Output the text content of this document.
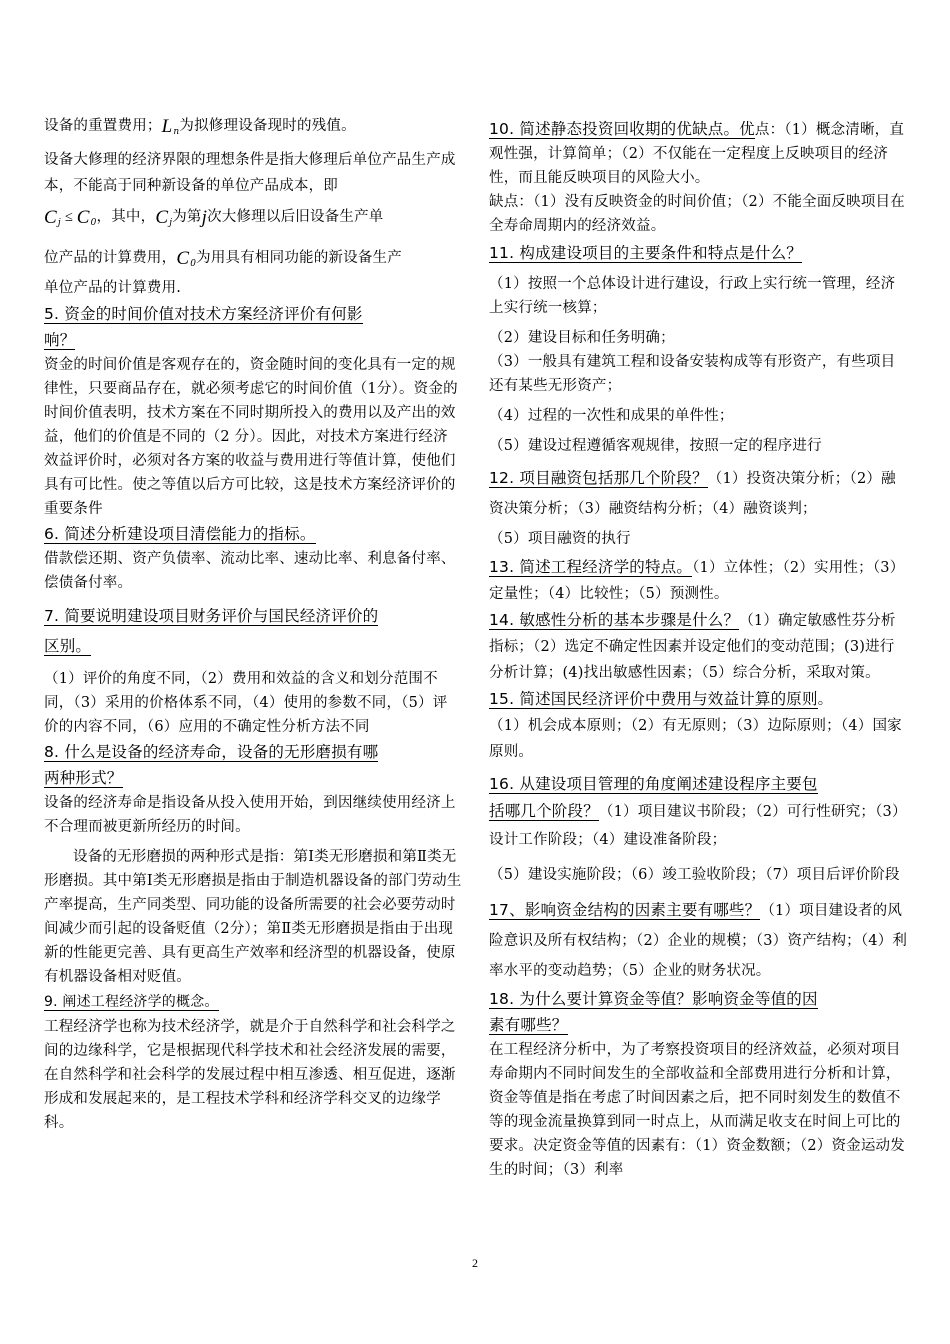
设备的重置费用；$L_n$为拟修理设备现时的残值。

设备大修理的经济界限的理想条件是指大修理后单位产品生产成本，不能高于同种新设备的单位产品成本，即

$C_j \le C_0$，其中，$C_j$为第j次大修理以后旧设备生产单

位产品的计算费用，$C_0$为用具有相同功能的新设备生产

单位产品的计算费用.

5. 资金的时间价值对技术方案经济评价有何影
响？

资金的时间价值是客观存在的，资金随时间的变化具有一定的规律性，只要商品存在，就必须考虑它的时间价值（1分）。资金的时间价值表明，技术方案在不同时期所投入的费用以及产出的效益，他们的价值是不同的（2 分）。因此，对技术方案进行经济效益评价时，必须对各方案的收益与费用进行等值计算，使他们具有可比性。使之等值以后方可比较，这是技术方案经济评价的重要条件

6. 简述分析建设项目清偿能力的指标。

借款偿还期、资产负债率、流动比率、速动比率、利息备付率、偿债备付率。

7. 简要说明建设项目财务评价与国民经济评价的
区别。

（1）评价的角度不同，（2）费用和效益的含义和划分范围不同，（3）采用的价格体系不同，（4）使用的参数不同，（5）评价的内容不同，（6）应用的不确定性分析方法不同

8. 什么是设备的经济寿命，设备的无形磨损有哪
两种形式？

设备的经济寿命是指设备从投入使用开始，到因继续使用经济上不合理而被更新所经历的时间。

设备的无形磨损的两种形式是指：第Ⅰ类无形磨损和第Ⅱ类无形磨损。其中第Ⅰ类无形磨损是指由于制造机器设备的部门劳动生产率提高，生产同类型、同功能的设备所需要的社会必要劳动时间减少而引起的设备贬值（2分）；第Ⅱ类无形磨损是指由于出现新的性能更完善、具有更高生产效率和经济型的机器设备，使原有机器设备相对贬值。

9. 阐述工程经济学的概念。

工程经济学也称为技术经济学，就是介于自然科学和社会科学之间的边缘科学，它是根据现代科学技术和社会经济发展的需要，在自然科学和社会科学的发展过程中相互渗透、相互促进，逐渐形成和发展起来的，是工程技术学科和经济学科交叉的边缘学科。

10. 简述静态投资回收期的优缺点。优点：（1）概念清晰，直观性强，计算简单；（2）不仅能在一定程度上反映项目的经济性，而且能反映项目的风险大小。

缺点：（1）没有反映资金的时间价值；（2）不能全面反映项目在全寿命周期内的经济效益。

11. 构成建设项目的主要条件和特点是什么？

（1）按照一个总体设计进行建设，行政上实行统一管理，经济上实行统一核算；

（2）建设目标和任务明确；

（3）一般具有建筑工程和设备安装构成等有形资产，有些项目还有某些无形资产；

（4）过程的一次性和成果的单件性；

（5）建设过程遵循客观规律，按照一定的程序进行

12. 项目融资包括那几个阶段？（1）投资决策分析；（2）融资决策分析；（3）融资结构分析；（4）融资谈判；

（5）项目融资的执行

13. 简述工程经济学的特点。（1）立体性；（2）实用性；（3）定量性；（4）比较性；（5）预测性。

14. 敏感性分析的基本步骤是什么？（1）确定敏感性芬分析指标；（2）选定不确定性因素并设定他们的变动范围；(3)进行分析计算；(4)找出敏感性因素；（5）综合分析，采取对策。

15. 简述国民经济评价中费用与效益计算的原则。
（1）机会成本原则；（2）有无原则；（3）边际原则；（4）国家原则。

16. 从建设项目管理的角度阐述建设程序主要包
括哪几个阶段？（1）项目建议书阶段；（2）可行性研究；（3）设计工作阶段；（4）建设准备阶段；

（5）建设实施阶段；（6）竣工验收阶段；（7）项目后评价阶段

17、影响资金结构的因素主要有哪些？（1）项目建设者的风险意识及所有权结构；（2）企业的规模；（3）资产结构；（4）利率水平的变动趋势；（5）企业的财务状况。

18. 为什么要计算资金等值？影响资金等值的因
素有哪些？

在工程经济分析中，为了考察投资项目的经济效益，必须对项目寿命期内不同时间发生的全部收益和全部费用进行分析和计算，资金等值是指在考虑了时间因素之后，把不同时刻发生的数值不等的现金流量换算到同一时点上，从而满足收支在时间上可比的要求。决定资金等值的因素有：（1）资金数额；（2）资金运动发生的时间；（3）利率

2
